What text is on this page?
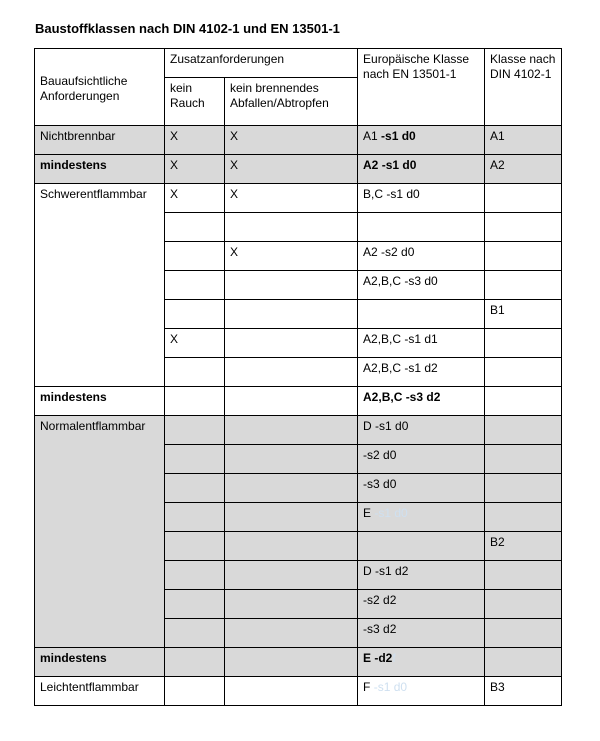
Baustoffklassen nach DIN 4102-1 und EN 13501-1
Bauaufsichtliche Anforderungen	Zusatzanforderungen		Europäische Klasse nach EN 13501-1	Klasse nach DIN 4102-1
	kein Rauch	kein brennendes Abfallen/Abtropfen		
Nichtbrennbar	X	X	A1 -s1 d0	A1
mindestens	X	X	A2 -s1 d0	A2
Schwerentflammbar	X	X	B,C -s1 d0	

		X	A2 -s2 d0	
			A2,B,C -s3 d0	
				B1
	X		A2,B,C -s1 d1	
			A2,B,C -s1 d2	
mindestens			A2,B,C -s3 d2	
Normalentflammbar			D -s1 d0	
			-s2 d0	
			-s3 d0	
			E -s1 d0	
				B2
			D -s1 d2	
			-s2 d2	
			-s3 d2	
mindestens			E -d2f	
Leichtentflammbar			F -s1 d0	B3
